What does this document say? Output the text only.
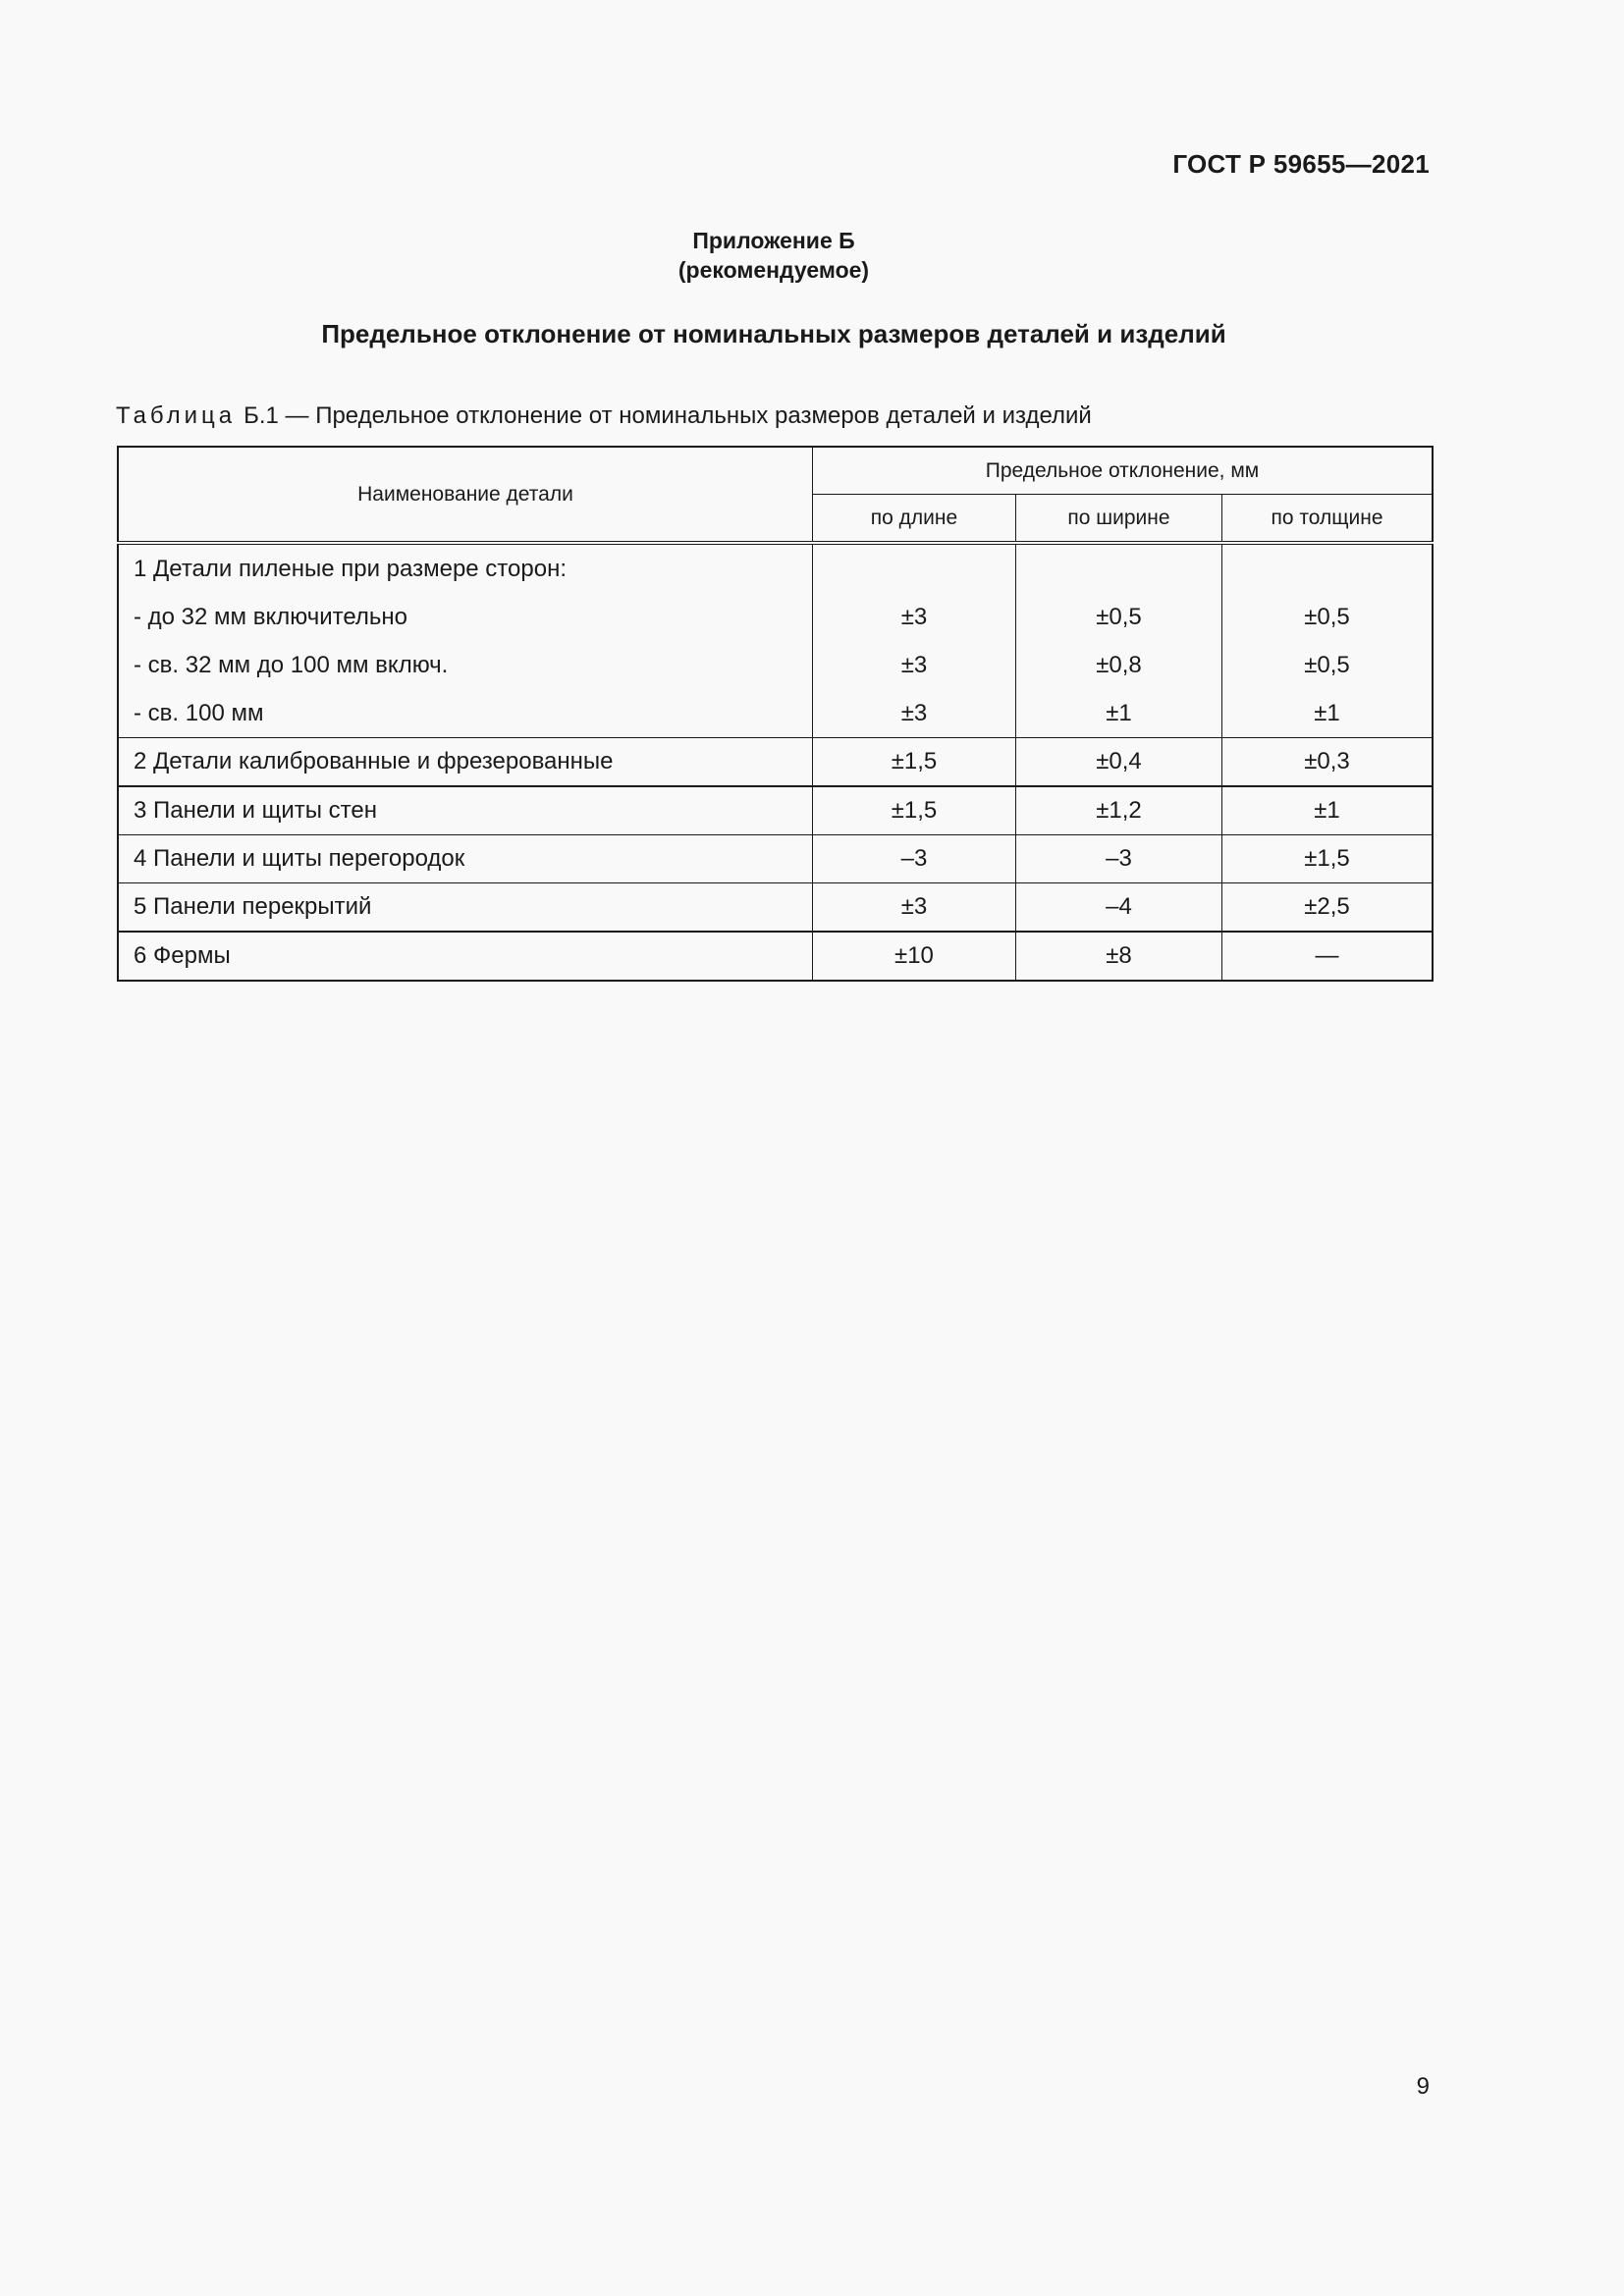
ГОСТ Р 59655—2021
Приложение Б
(рекомендуемое)
Предельное отклонение от номинальных размеров деталей и изделий
Таблица Б.1 — Предельное отклонение от номинальных размеров деталей и изделий
Наименование детали	Предельное отклонение, мм		
	по длине	по ширине	по толщине
1 Детали пиленые при размере сторон:			
- до 32 мм включительно	±3	±0,5	±0,5
- св. 32 мм до 100 мм включ.	±3	±0,8	±0,5
- св. 100 мм	±3	±1	±1
2 Детали калиброванные и фрезерованные	±1,5	±0,4	±0,3
3 Панели и щиты стен	±1,5	±1,2	±1
4 Панели и щиты перегородок	–3	–3	±1,5
5 Панели перекрытий	±3	–4	±2,5
6 Фермы	±10	±8	—
9
